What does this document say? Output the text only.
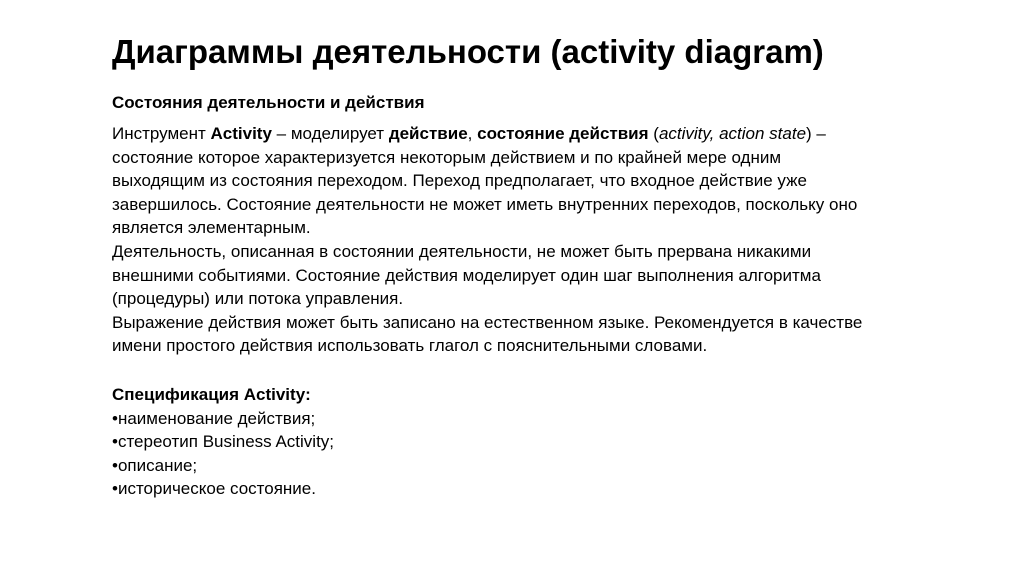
Диаграммы деятельности (activity diagram)
Состояния деятельности и действия
Инструмент Activity – моделирует действие, состояние действия (activity, action state) –
состояние которое характеризуется некоторым действием и по крайней мере одним
выходящим из состояния переходом. Переход предполагает, что входное действие уже
завершилось. Состояние деятельности не может иметь внутренних переходов, поскольку оно
является элементарным.
Деятельность, описанная в состоянии деятельности, не может быть прервана никакими
внешними событиями. Состояние действия моделирует один шаг выполнения алгоритма
(процедуры) или потока управления.
Выражение действия может быть записано на естественном языке. Рекомендуется в качестве
имени простого действия использовать глагол с пояснительными словами.
Спецификация Activity:
•наименование действия;
•стереотип Business Activity;
•описание;
•историческое состояние.
